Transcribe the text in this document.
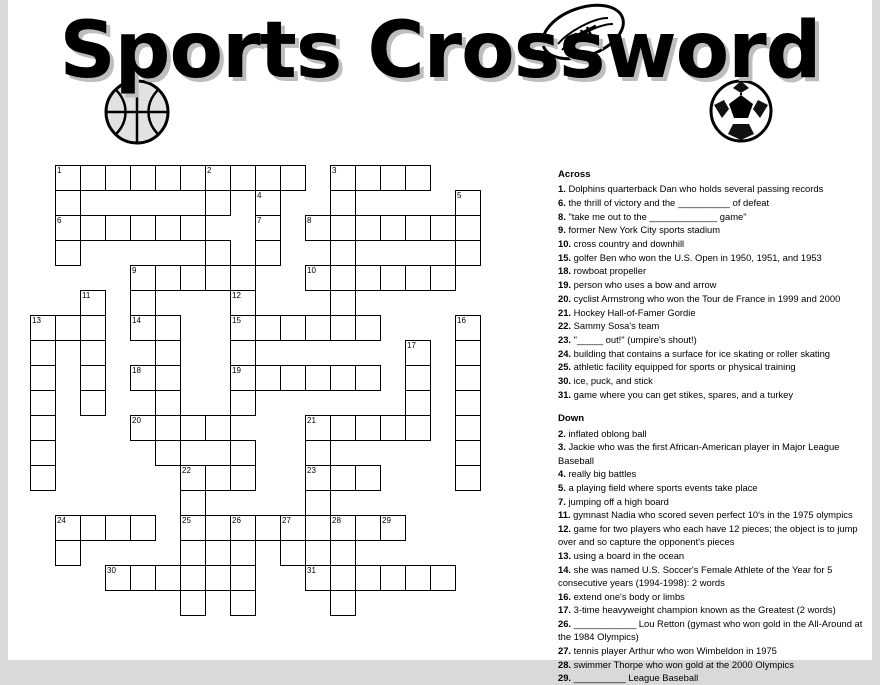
Sports Crossword
1	2	3
4	5
6	7	8
9	10
11	12
13	14	15	16
17
18	19
20	21
22	23
24	25	26	27	28	29
30	31
Across
1. Dolphins quarterback Dan who holds several passing records
6. the thrill of victory and the __________ of defeat
8. "take me out to the _____________ game"
9. former New York City sports stadium
10. cross country and downhill
15. golfer Ben who won the U.S. Open in 1950, 1951, and 1953
18. rowboat propeller
19. person who uses a bow and arrow
20. cyclist Armstrong who won the Tour de France in 1999 and 2000
21. Hockey Hall-of-Famer Gordie
22. Sammy Sosa's team
23. "_____ out!" (umpire's shout!)
24. building that contains a surface for ice skating or roller skating
25. athletic facility equipped for sports or physical training
30. ice, puck, and stick
31. game where you can get stikes, spares, and a turkey
Down
2. inflated oblong ball
3. Jackie who was the first African-American player in Major League Baseball
4. really big battles
5. a playing field where sports events take place
7. jumping off a high board
11. gymnast Nadia who scored seven perfect 10's in the 1975 olympics
12. game for two players who each have 12 pieces; the object is to jump over and so capture the opponent's pieces
13. using a board in the ocean
14. she was named U.S. Soccer's Female Athlete of the Year for 5 consecutive years (1994-1998): 2 words
16. extend one's body or limbs
17. 3-time heavyweight champion known as the Greatest (2 words)
26. ____________ Lou Retton (gymast who won gold in the All-Around at the 1984 Olympics)
27. tennis player Arthur who won Wimbeldon in 1975
28. swimmer Thorpe who won gold at the 2000 Olympics
29. __________ League Baseball
